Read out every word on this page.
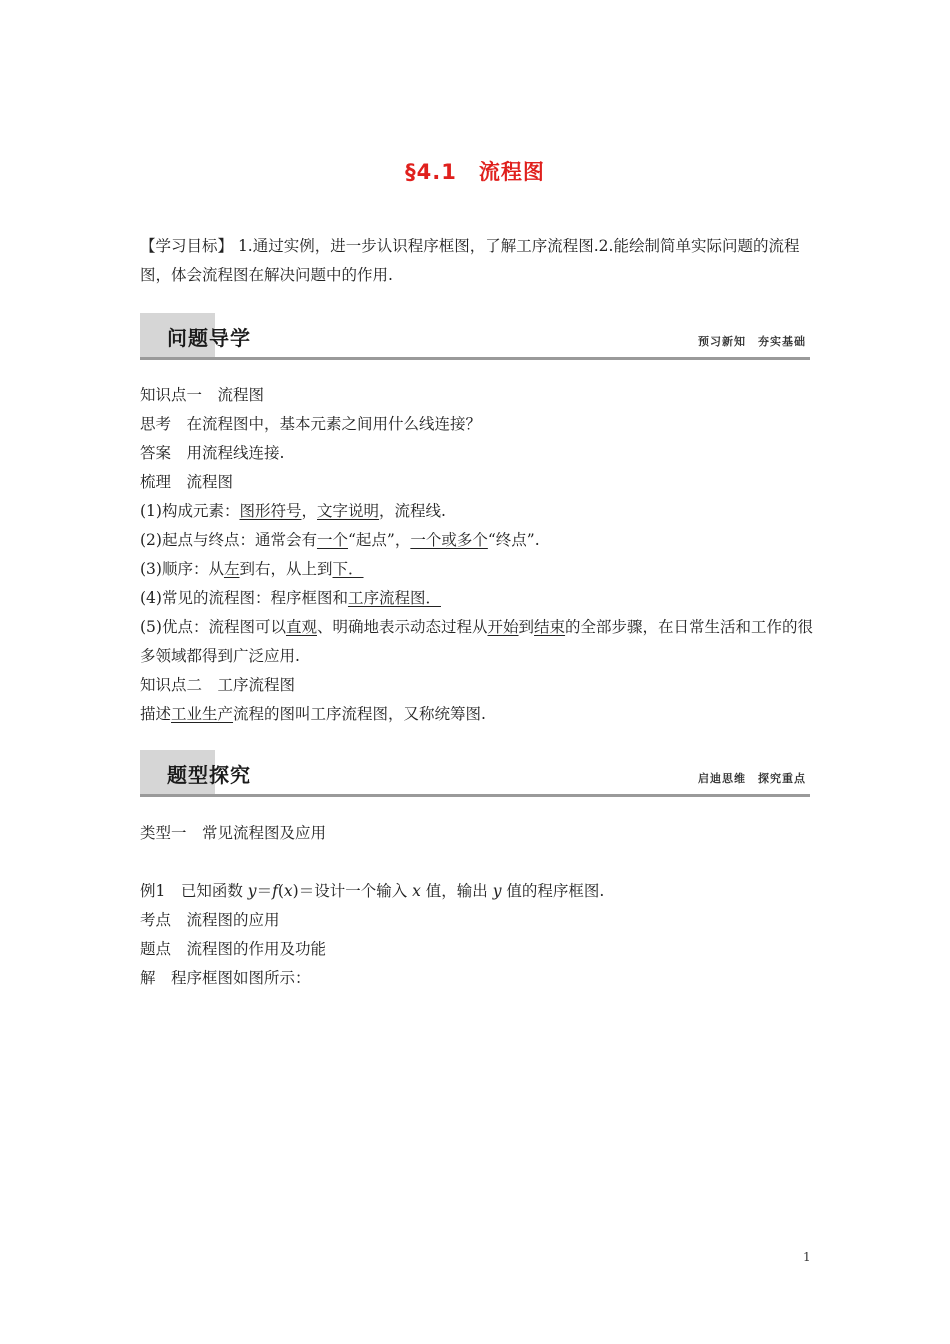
§4.1　流程图
【学习目标】 1.通过实例，进一步认识程序框图，了解工序流程图.2.能绘制简单实际问题的流程图，体会流程图在解决问题中的作用.
问题导学	预习新知　夯实基础
知识点一　流程图
思考　在流程图中，基本元素之间用什么线连接？
答案　用流程线连接.
梳理　流程图
(1)构成元素：图形符号，文字说明，流程线.
(2)起点与终点：通常会有一个“起点”，一个或多个“终点”.
(3)顺序：从左到右，从上到下．
(4)常见的流程图：程序框图和工序流程图．
(5)优点：流程图可以直观、明确地表示动态过程从开始到结束的全部步骤，在日常生活和工作的很多领域都得到广泛应用.
知识点二　工序流程图
描述工业生产流程的图叫工序流程图，又称统筹图.
题型探究	启迪思维　探究重点
类型一　常见流程图及应用
例1　已知函数 y＝f(x)＝设计一个输入 x 值，输出 y 值的程序框图.
考点　流程图的应用
题点　流程图的作用及功能
解　程序框图如图所示：
1
